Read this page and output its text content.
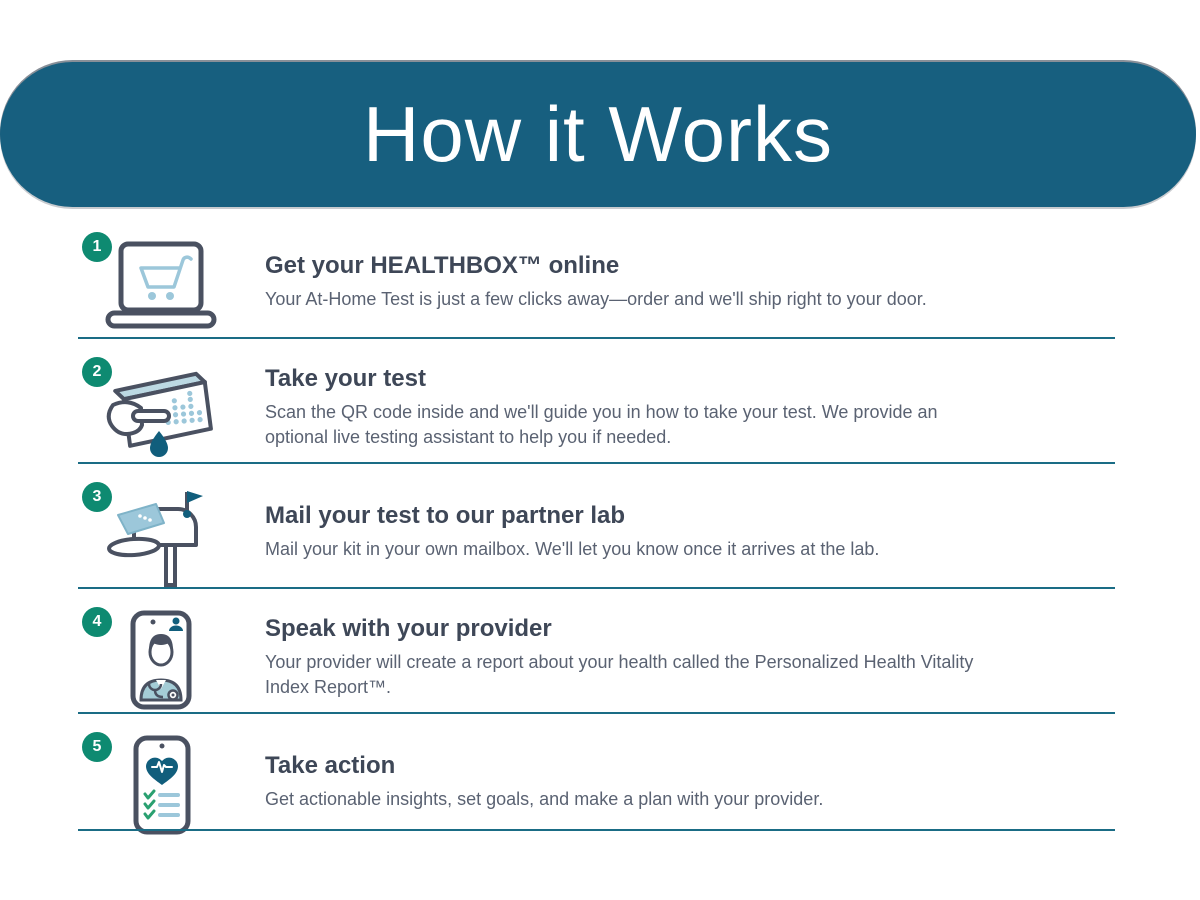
How it Works
1
Get your HEALTHBOX™ online
Your At-Home Test is just a few clicks away—order and we'll ship right to your door.
2	Take your test
Scan the QR code inside and we'll guide you in how to take your test. We provide an
optional live testing assistant to help you if needed.
3
Mail your test to our partner lab
Mail your kit in your own mailbox. We'll let you know once it arrives at the lab.
4	Speak with your provider
Your provider will create a report about your health called the Personalized Health Vitality
Index Report™.
5
Take action
Get actionable insights, set goals, and make a plan with your provider.
